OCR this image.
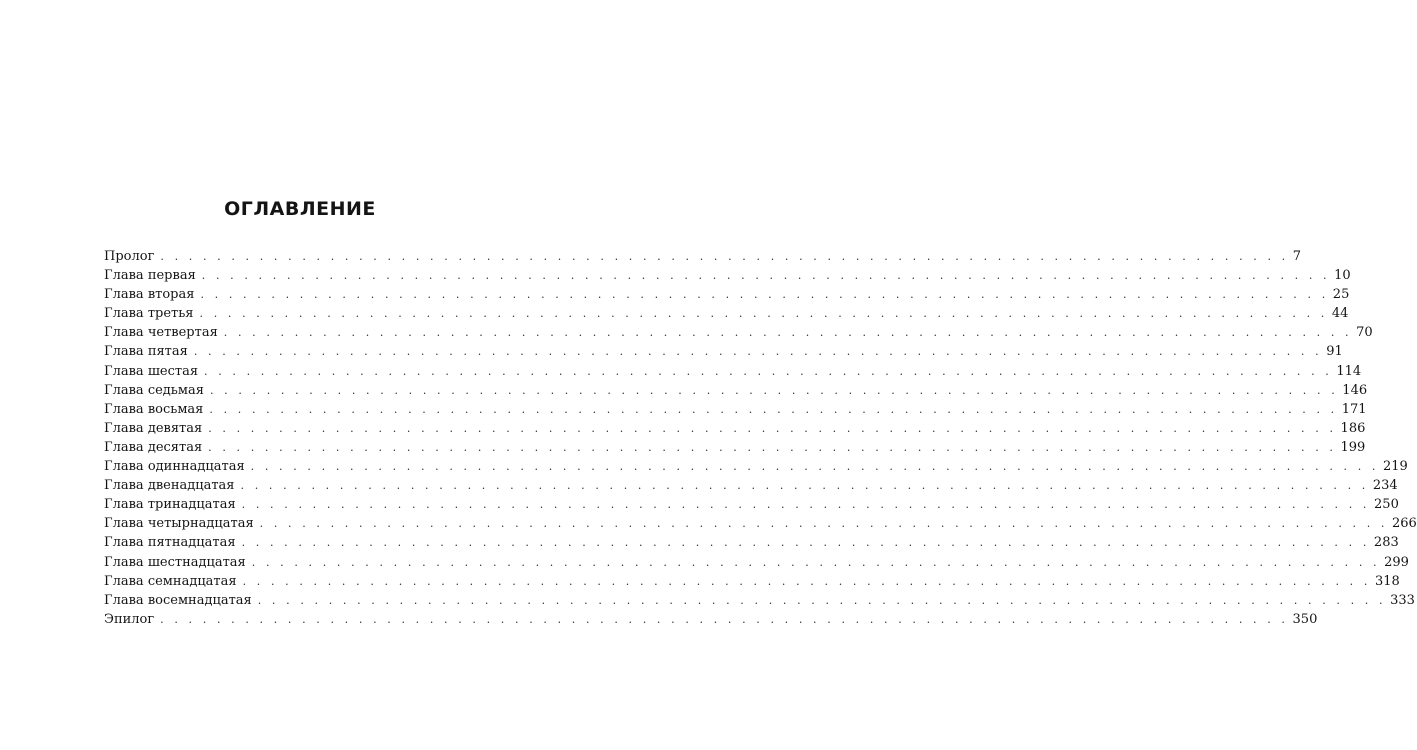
ОГЛАВЛЕНИЕ
Пролог . . . . . . . . . . . . . . . . . . . . . . . . . . . . . . . . . . . . . . . . . . . . . . . . . . . . . . . . . . . . . . . . . . . . . . . . . . . . . . . . 7
Глава первая . . . . . . . . . . . . . . . . . . . . . . . . . . . . . . . . . . . . . . . . . . . . . . . . . . . . . . . . . . . . . . . . . . . . . . . . . . . . . . . . 10
Глава вторая . . . . . . . . . . . . . . . . . . . . . . . . . . . . . . . . . . . . . . . . . . . . . . . . . . . . . . . . . . . . . . . . . . . . . . . . . . . . . . . . 25
Глава третья . . . . . . . . . . . . . . . . . . . . . . . . . . . . . . . . . . . . . . . . . . . . . . . . . . . . . . . . . . . . . . . . . . . . . . . . . . . . . . . . 44
Глава четвертая . . . . . . . . . . . . . . . . . . . . . . . . . . . . . . . . . . . . . . . . . . . . . . . . . . . . . . . . . . . . . . . . . . . . . . . . . . . . . . . . 70
Глава пятая . . . . . . . . . . . . . . . . . . . . . . . . . . . . . . . . . . . . . . . . . . . . . . . . . . . . . . . . . . . . . . . . . . . . . . . . . . . . . . . . 91
Глава шестая . . . . . . . . . . . . . . . . . . . . . . . . . . . . . . . . . . . . . . . . . . . . . . . . . . . . . . . . . . . . . . . . . . . . . . . . . . . . . . . . 114
Глава седьмая . . . . . . . . . . . . . . . . . . . . . . . . . . . . . . . . . . . . . . . . . . . . . . . . . . . . . . . . . . . . . . . . . . . . . . . . . . . . . . . . 146
Глава восьмая . . . . . . . . . . . . . . . . . . . . . . . . . . . . . . . . . . . . . . . . . . . . . . . . . . . . . . . . . . . . . . . . . . . . . . . . . . . . . . . . 171
Глава девятая . . . . . . . . . . . . . . . . . . . . . . . . . . . . . . . . . . . . . . . . . . . . . . . . . . . . . . . . . . . . . . . . . . . . . . . . . . . . . . . . 186
Глава десятая . . . . . . . . . . . . . . . . . . . . . . . . . . . . . . . . . . . . . . . . . . . . . . . . . . . . . . . . . . . . . . . . . . . . . . . . . . . . . . . . 199
Глава одиннадцатая . . . . . . . . . . . . . . . . . . . . . . . . . . . . . . . . . . . . . . . . . . . . . . . . . . . . . . . . . . . . . . . . . . . . . . . . . . . . . . . . 219
Глава двенадцатая . . . . . . . . . . . . . . . . . . . . . . . . . . . . . . . . . . . . . . . . . . . . . . . . . . . . . . . . . . . . . . . . . . . . . . . . . . . . . . . . 234
Глава тринадцатая . . . . . . . . . . . . . . . . . . . . . . . . . . . . . . . . . . . . . . . . . . . . . . . . . . . . . . . . . . . . . . . . . . . . . . . . . . . . . . . . 250
Глава четырнадцатая . . . . . . . . . . . . . . . . . . . . . . . . . . . . . . . . . . . . . . . . . . . . . . . . . . . . . . . . . . . . . . . . . . . . . . . . . . . . . . . . 266
Глава пятнадцатая . . . . . . . . . . . . . . . . . . . . . . . . . . . . . . . . . . . . . . . . . . . . . . . . . . . . . . . . . . . . . . . . . . . . . . . . . . . . . . . . 283
Глава шестнадцатая . . . . . . . . . . . . . . . . . . . . . . . . . . . . . . . . . . . . . . . . . . . . . . . . . . . . . . . . . . . . . . . . . . . . . . . . . . . . . . . . 299
Глава семнадцатая . . . . . . . . . . . . . . . . . . . . . . . . . . . . . . . . . . . . . . . . . . . . . . . . . . . . . . . . . . . . . . . . . . . . . . . . . . . . . . . . 318
Глава восемнадцатая . . . . . . . . . . . . . . . . . . . . . . . . . . . . . . . . . . . . . . . . . . . . . . . . . . . . . . . . . . . . . . . . . . . . . . . . . . . . . . . . 333
Эпилог . . . . . . . . . . . . . . . . . . . . . . . . . . . . . . . . . . . . . . . . . . . . . . . . . . . . . . . . . . . . . . . . . . . . . . . . . . . . . . . . 350
